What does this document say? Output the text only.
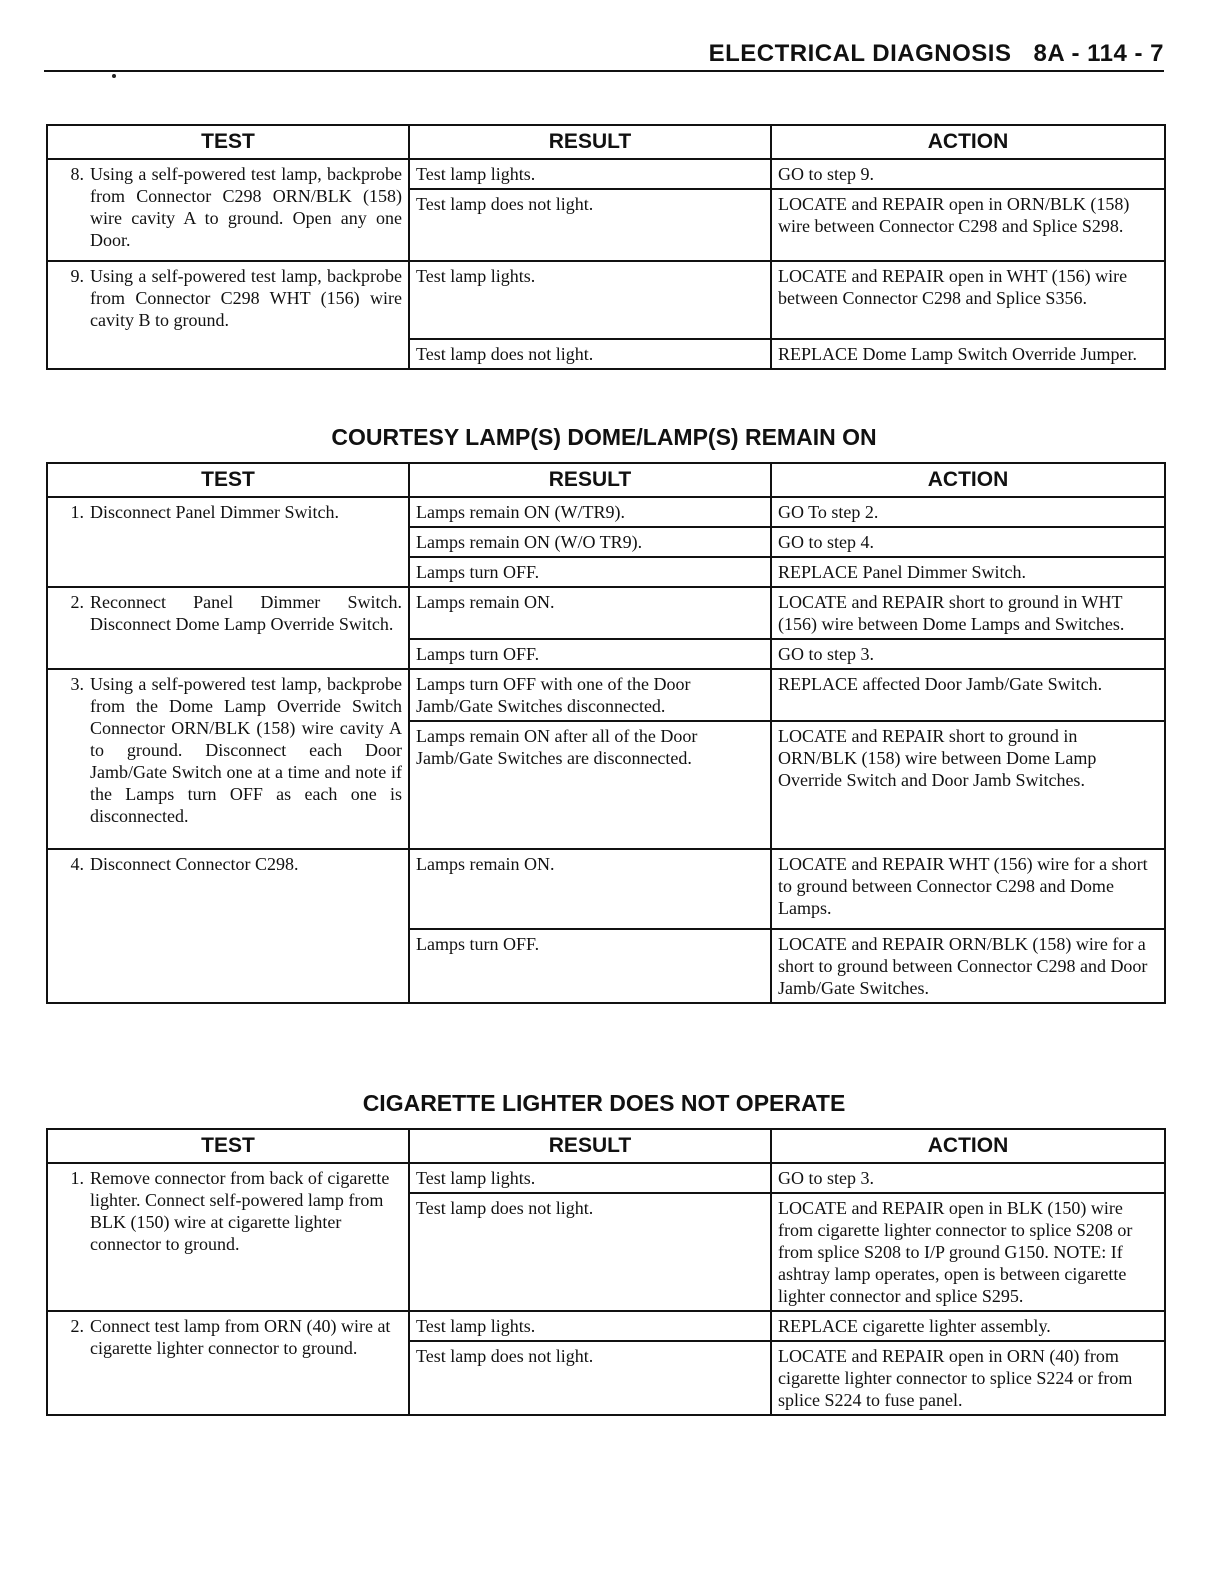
ELECTRICAL DIAGNOSIS 8A - 114 - 7
TEST	RESULT	ACTION

8. Using a self-powered test lamp, backprobe from Connector C298 ORN/BLK (158) wire cavity A to ground. Open any one Door.	Test lamp lights.	GO to step 9.
	Test lamp does not light.	LOCATE and REPAIR open in ORN/BLK (158) wire between Connector C298 and Splice S298.

9. Using a self-powered test lamp, backprobe from Connector C298 WHT (156) wire cavity B to ground.	Test lamp lights.	LOCATE and REPAIR open in WHT (156) wire between Connector C298 and Splice S356.
	Test lamp does not light.	REPLACE Dome Lamp Switch Override Jumper.
COURTESY LAMP(S) DOME/LAMP(S) REMAIN ON
TEST	RESULT	ACTION

1. Disconnect Panel Dimmer Switch.	Lamps remain ON (W/TR9).	GO To step 2.
	Lamps remain ON (W/O TR9).	GO to step 4.
	Lamps turn OFF.	REPLACE Panel Dimmer Switch.

2. Reconnect Panel Dimmer Switch. Disconnect Dome Lamp Override Switch.	Lamps remain ON.	LOCATE and REPAIR short to ground in WHT (156) wire between Dome Lamps and Switches.
	Lamps turn OFF.	GO to step 3.

3. Using a self-powered test lamp, backprobe from the Dome Lamp Override Switch Connector ORN/BLK (158) wire cavity A to ground. Disconnect each Door Jamb/Gate Switch one at a time and note if the Lamps turn OFF as each one is disconnected.	Lamps turn OFF with one of the Door Jamb/Gate Switches disconnected.	REPLACE affected Door Jamb/Gate Switch.
	Lamps remain ON after all of the Door Jamb/Gate Switches are disconnected.	LOCATE and REPAIR short to ground in ORN/BLK (158) wire between Dome Lamp Override Switch and Door Jamb Switches.

4. Disconnect Connector C298.	Lamps remain ON.	LOCATE and REPAIR WHT (156) wire for a short to ground between Connector C298 and Dome Lamps.
	Lamps turn OFF.	LOCATE and REPAIR ORN/BLK (158) wire for a short to ground between Connector C298 and Door Jamb/Gate Switches.
CIGARETTE LIGHTER DOES NOT OPERATE
TEST	RESULT	ACTION

1. Remove connector from back of cigarette lighter. Connect self-powered lamp from BLK (150) wire at cigarette lighter connector to ground.	Test lamp lights.	GO to step 3.
	Test lamp does not light.	LOCATE and REPAIR open in BLK (150) wire from cigarette lighter connector to splice S208 or from splice S208 to I/P ground G150. NOTE: If ashtray lamp operates, open is between cigarette lighter connector and splice S295.

2. Connect test lamp from ORN (40) wire at cigarette lighter connector to ground.	Test lamp lights.	REPLACE cigarette lighter assembly.
	Test lamp does not light.	LOCATE and REPAIR open in ORN (40) from cigarette lighter connector to splice S224 or from splice S224 to fuse panel.
